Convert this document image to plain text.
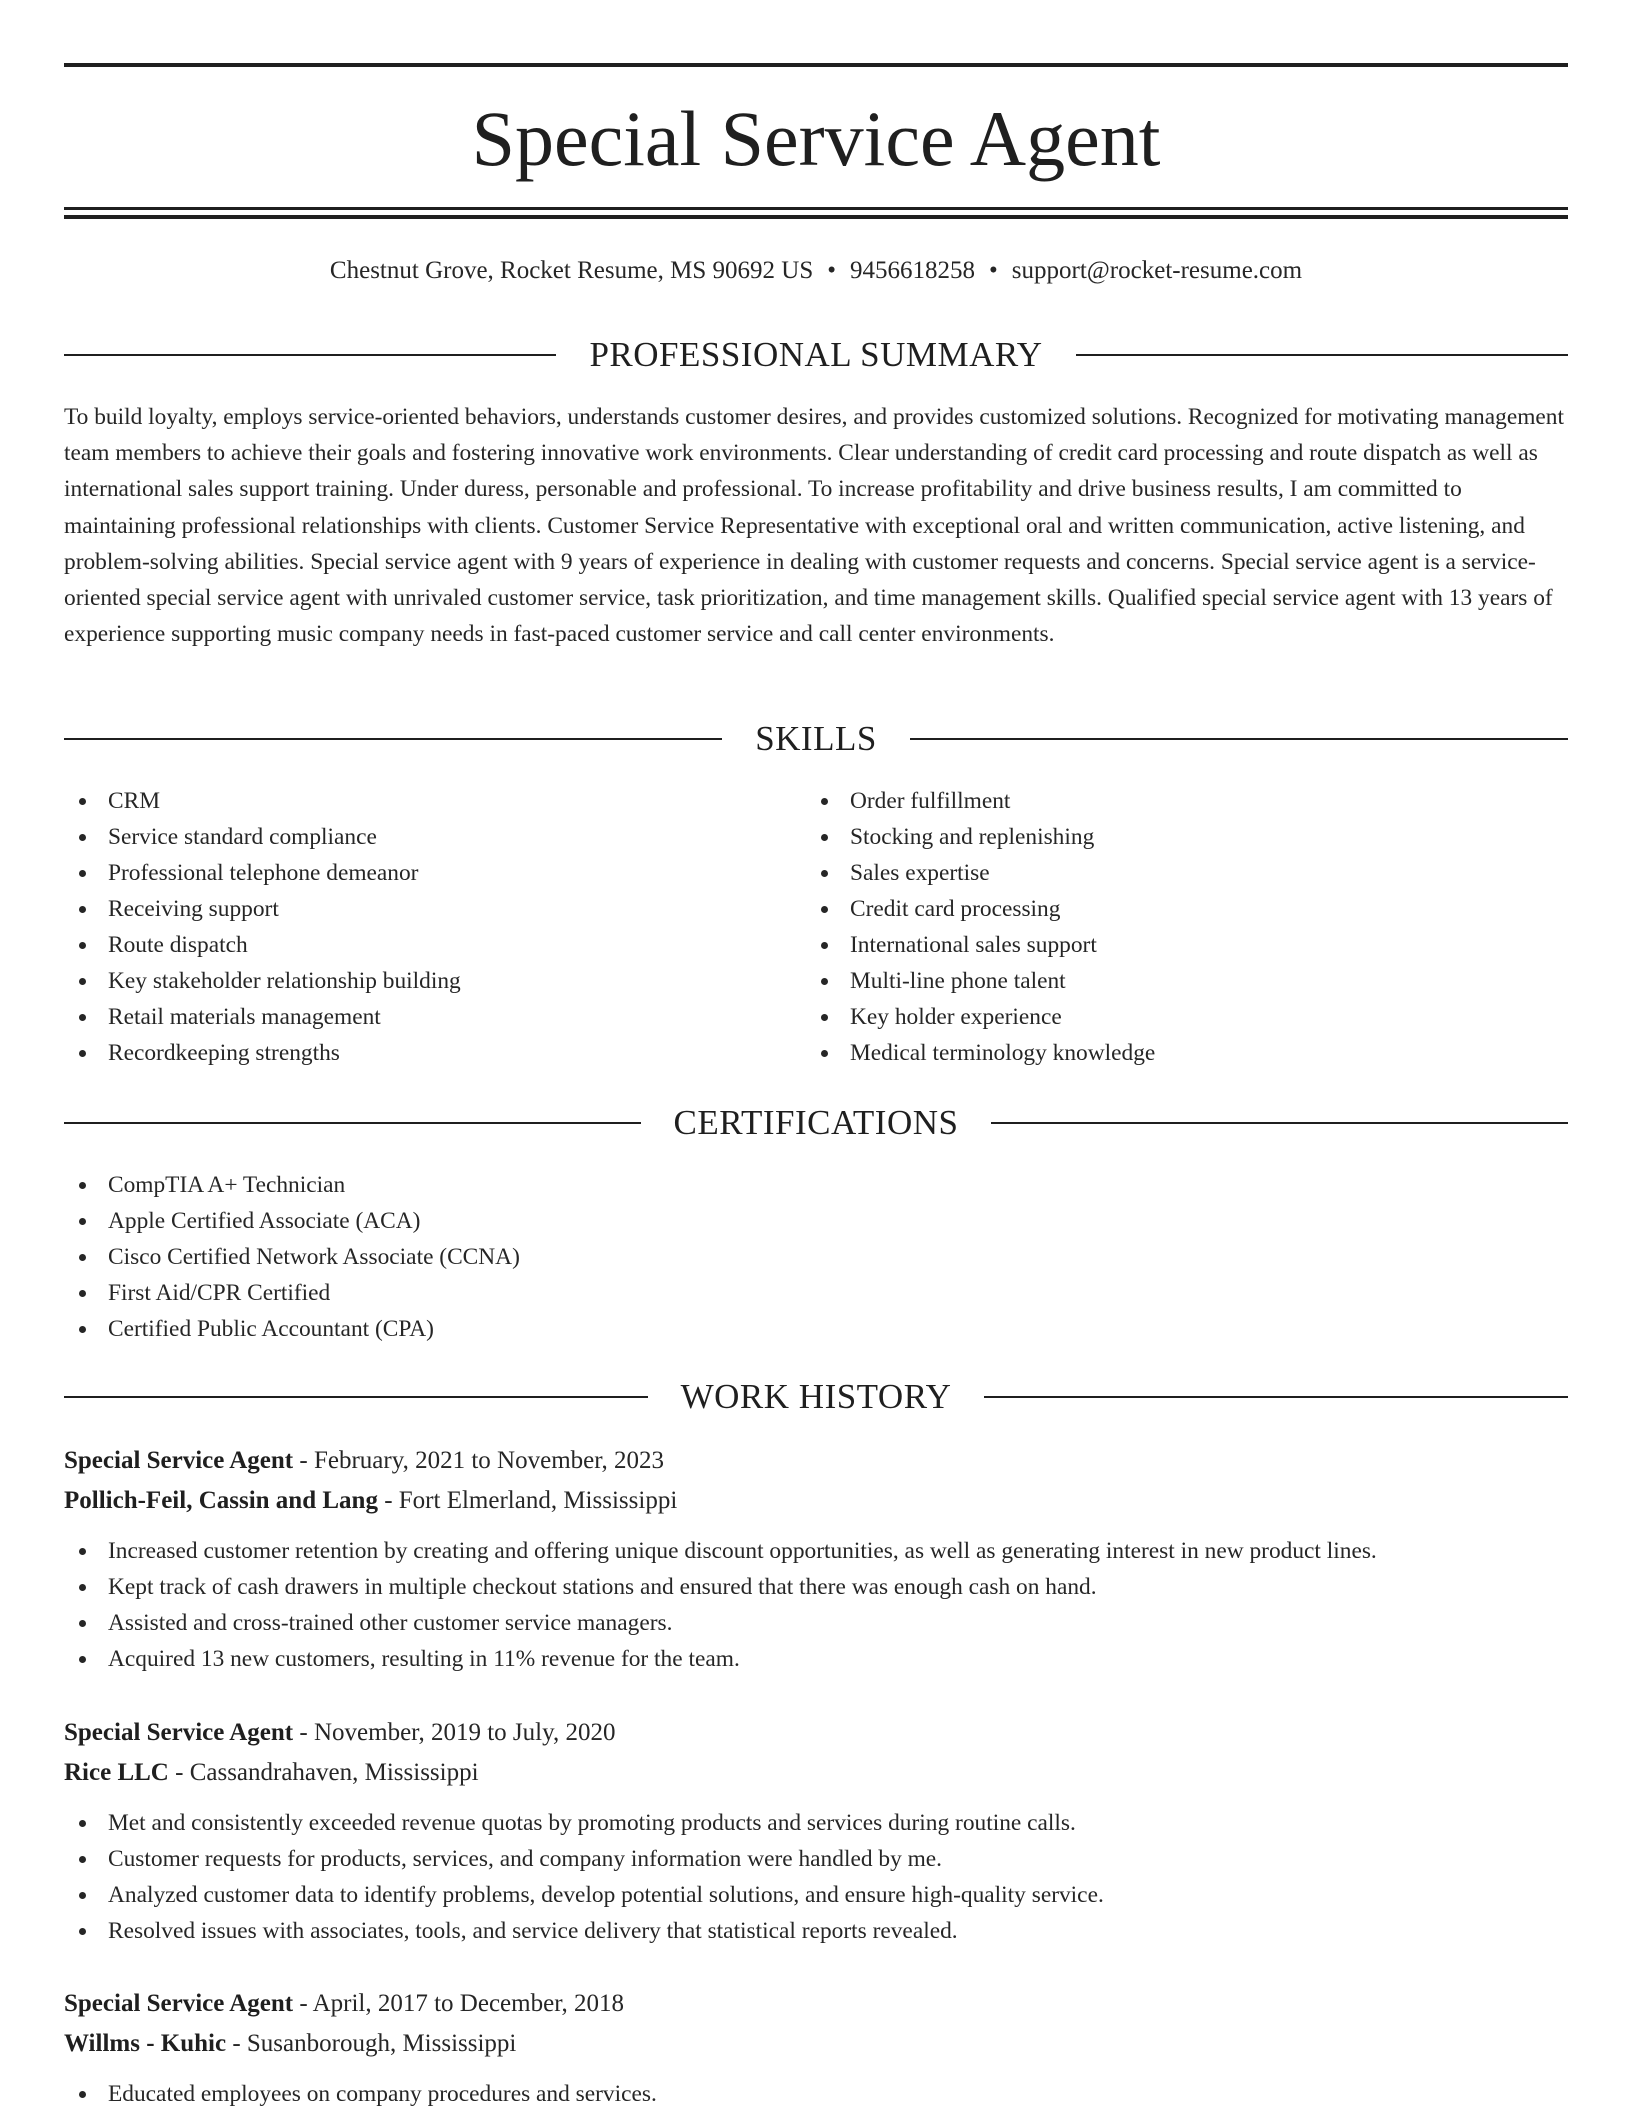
Special Service Agent
Chestnut Grove, Rocket Resume, MS 90692 US • 9456618258 • support@rocket-resume.com
PROFESSIONAL SUMMARY

To build loyalty, employs service-oriented behaviors, understands customer desires, and provides customized solutions. Recognized for motivating management team members to achieve their goals and fostering innovative work environments. Clear understanding of credit card processing and route dispatch as well as international sales support training. Under duress, personable and professional. To increase profitability and drive business results, I am committed to maintaining professional relationships with clients. Customer Service Representative with exceptional oral and written communication, active listening, and problem-solving abilities. Special service agent with 9 years of experience in dealing with customer requests and concerns. Special service agent is a service-oriented special service agent with unrivaled customer service, task prioritization, and time management skills. Qualified special service agent with 13 years of experience supporting music company needs in fast-paced customer service and call center environments.

SKILLS
CRM
Service standard compliance
Professional telephone demeanor
Receiving support
Route dispatch
Key stakeholder relationship building
Retail materials management
Recordkeeping strengths
Order fulfillment
Stocking and replenishing
Sales expertise
Credit card processing
International sales support
Multi-line phone talent
Key holder experience
Medical terminology knowledge
CERTIFICATIONS
CompTIA A+ Technician
Apple Certified Associate (ACA)
Cisco Certified Network Associate (CCNA)
First Aid/CPR Certified
Certified Public Accountant (CPA)
WORK HISTORY
Special Service Agent - February, 2021 to November, 2023
Pollich-Feil, Cassin and Lang - Fort Elmerland, Mississippi
Increased customer retention by creating and offering unique discount opportunities, as well as generating interest in new product lines.
Kept track of cash drawers in multiple checkout stations and ensured that there was enough cash on hand.
Assisted and cross-trained other customer service managers.
Acquired 13 new customers, resulting in 11% revenue for the team.
Special Service Agent - November, 2019 to July, 2020
Rice LLC - Cassandrahaven, Mississippi
Met and consistently exceeded revenue quotas by promoting products and services during routine calls.
Customer requests for products, services, and company information were handled by me.
Analyzed customer data to identify problems, develop potential solutions, and ensure high-quality service.
Resolved issues with associates, tools, and service delivery that statistical reports revealed.
Special Service Agent - April, 2017 to December, 2018
Willms - Kuhic - Susanborough, Mississippi
Educated employees on company procedures and services.
